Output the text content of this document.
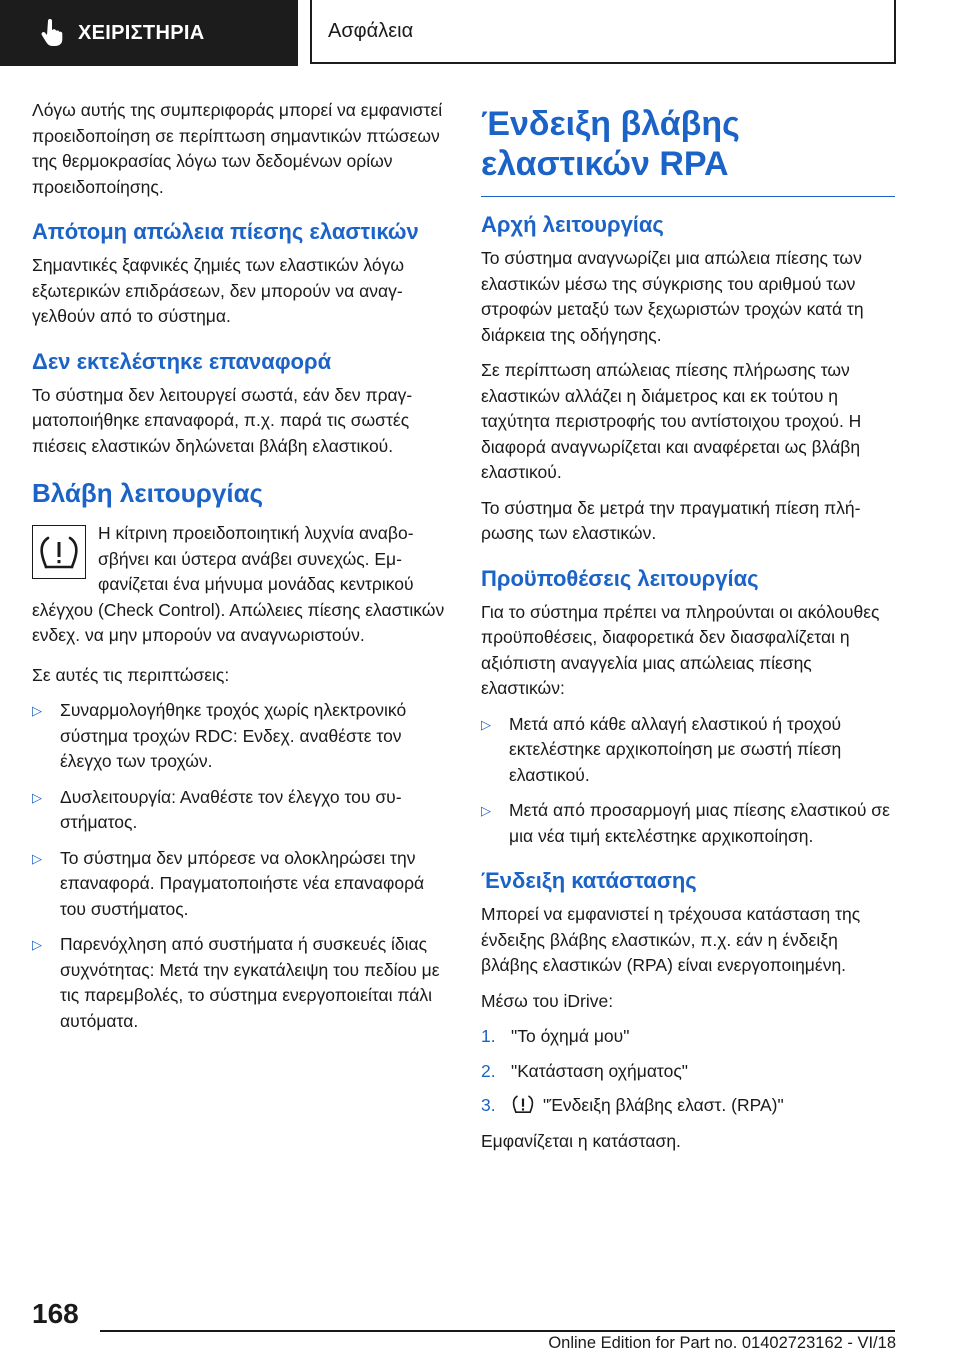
ΧΕΙΡΙΣΤΗΡΙΑ	Ασφάλεια

Λόγω αυτής της συμπεριφοράς μπορεί να εμφανιστεί προειδοποίηση σε περίπτωση σημαντικών πτώσεων της θερμοκρασίας λόγω των δεδομένων ορίων προειδοποίησης.

Απότομη απώλεια πίεσης ελαστικών

Σημαντικές ξαφνικές ζημιές των ελαστικών λόγω εξωτερικών επιδράσεων, δεν μπορούν να αναγγελθούν από το σύστημα.

Δεν εκτελέστηκε επαναφορά

Το σύστημα δεν λειτουργεί σωστά, εάν δεν πραγματοποιήθηκε επαναφορά, π.χ. παρά τις σωστές πιέσεις ελαστικών δηλώνεται βλάβη ελαστικού.

Βλάβη λειτουργίας
Η κίτρινη προειδοποιητική λυχνία αναβοσβήνει και ύστερα ανάβει συνεχώς. Εμφανίζεται ένα μήνυμα μονάδας κεντρικού ελέγχου (Check Control). Απώλειες πίεσης ελαστικών ενδεχ. να μην μπορούν να αναγνωριστούν.

Σε αυτές τις περιπτώσεις:

▷ Συναρμολογήθηκε τροχός χωρίς ηλεκτρονικό σύστημα τροχών RDC: Ενδεχ. αναθέστε τον έλεγχο των τροχών.
▷ Δυσλειτουργία: Αναθέστε τον έλεγχο του συστήματος.
▷ Το σύστημα δεν μπόρεσε να ολοκληρώσει την επαναφορά. Πραγματοποιήστε νέα επαναφορά του συστήματος.
▷ Παρενόχληση από συστήματα ή συσκευές ίδιας συχνότητας: Μετά την εγκατάλειψη του πεδίου με τις παρεμβολές, το σύστημα ενεργοποιείται πάλι αυτόματα.
Ένδειξη βλάβης ελαστικών RPA
Αρχή λειτουργίας

Το σύστημα αναγνωρίζει μια απώλεια πίεσης των ελαστικών μέσω της σύγκρισης του αριθμού των στροφών μεταξύ των ξεχωριστών τροχών κατά τη διάρκεια της οδήγησης.

Σε περίπτωση απώλειας πίεσης πλήρωσης των ελαστικών αλλάζει η διάμετρος και εκ τούτου η ταχύτητα περιστροφής του αντίστοιχου τροχού. Η διαφορά αναγνωρίζεται και αναφέρεται ως βλάβη ελαστικού.

Το σύστημα δε μετρά την πραγματική πίεση πλήρωσης των ελαστικών.

Προϋποθέσεις λειτουργίας

Για το σύστημα πρέπει να πληρούνται οι ακόλουθες προϋποθέσεις, διαφορετικά δεν διασφαλίζεται η αξιόπιστη αναγγελία μιας απώλειας πίεσης ελαστικών:

▷ Μετά από κάθε αλλαγή ελαστικού ή τροχού εκτελέστηκε αρχικοποίηση με σωστή πίεση ελαστικού.
▷ Μετά από προσαρμογή μιας πίεσης ελαστικού σε μια νέα τιμή εκτελέστηκε αρχικοποίηση.
Ένδειξη κατάστασης

Μπορεί να εμφανιστεί η τρέχουσα κατάσταση της ένδειξης βλάβης ελαστικών, π.χ. εάν η ένδειξη βλάβης ελαστικών (RPA) είναι ενεργοποιημένη.

Μέσω του iDrive:

1. "Το όχημά μου"
2. "Κατάσταση οχήματος"
3.	"Ένδειξη βλάβης ελαστ. (RPA)"

Εμφανίζεται η κατάσταση.

168
Online Edition for Part no. 01402723162 - VI/18
